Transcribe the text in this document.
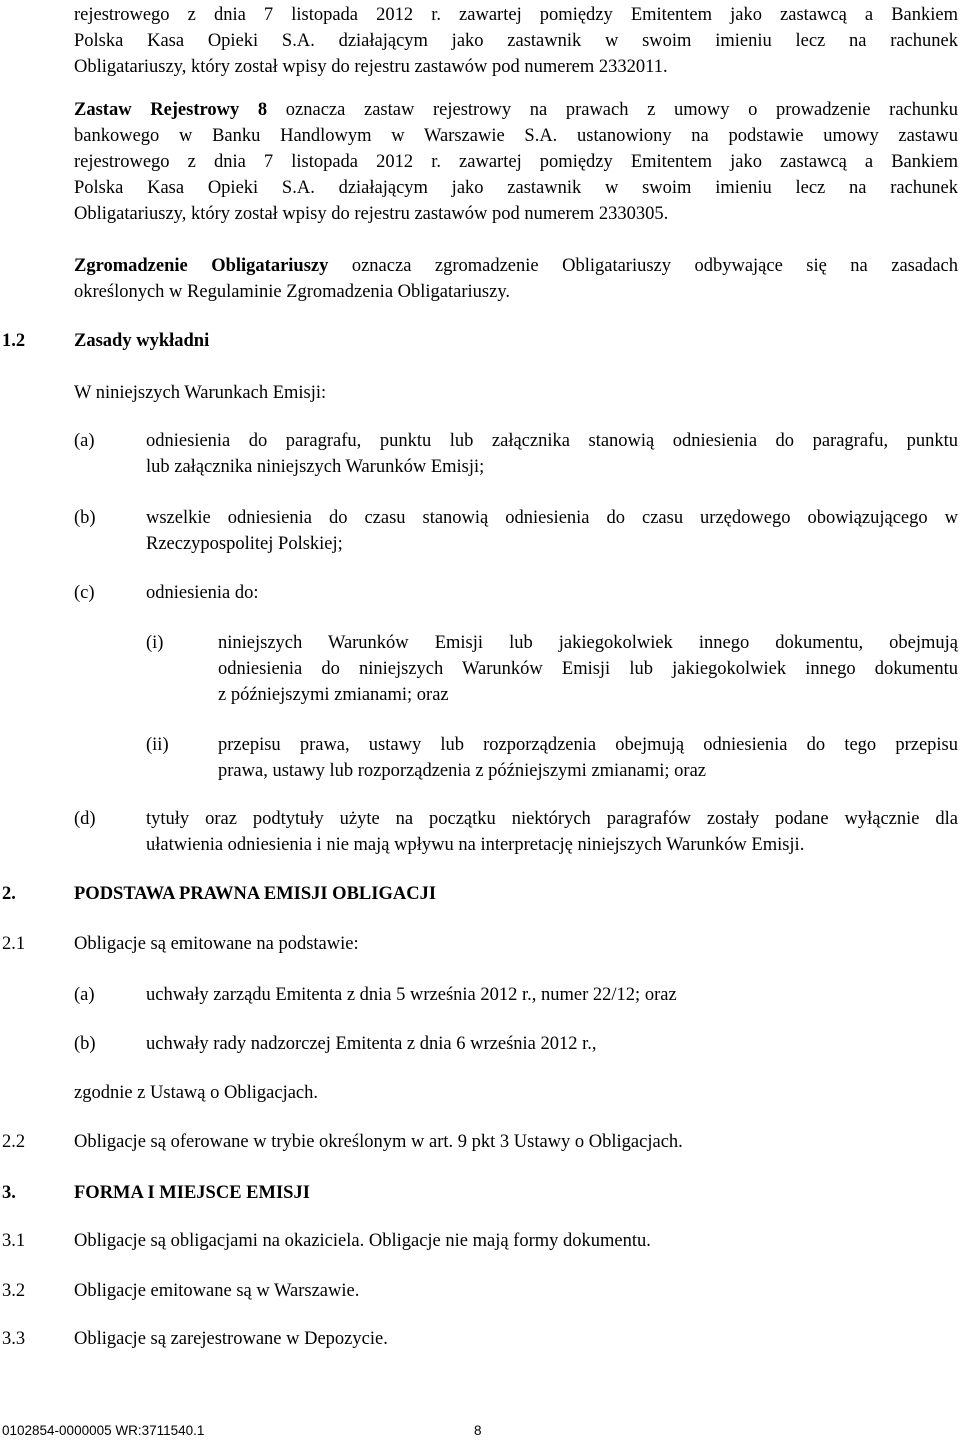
rejestrowego z dnia 7 listopada 2012 r. zawartej pomiędzy Emitentem jako zastawcą a Bankiem

Polska Kasa Opieki S.A. działającym jako zastawnik w swoim imieniu lecz na rachunek

Obligatariuszy, który został wpisy do rejestru zastawów pod numerem 2332011.

Zastaw Rejestrowy 8 oznacza zastaw rejestrowy na prawach z umowy o prowadzenie rachunku

bankowego w Banku Handlowym w Warszawie S.A. ustanowiony na podstawie umowy zastawu

rejestrowego z dnia 7 listopada 2012 r. zawartej pomiędzy Emitentem jako zastawcą a Bankiem

Polska Kasa Opieki S.A. działającym jako zastawnik w swoim imieniu lecz na rachunek

Obligatariuszy, który został wpisy do rejestru zastawów pod numerem 2330305.

Zgromadzenie Obligatariuszy oznacza zgromadzenie Obligatariuszy odbywające się na zasadach

określonych w Regulaminie Zgromadzenia Obligatariuszy.

1.2	Zasady wykładni
W niniejszych Warunkach Emisji:
(a)	odniesienia do paragrafu, punktu lub załącznika stanowią odniesienia do paragrafu, punktu

lub załącznika niniejszych Warunków Emisji;

(b)	wszelkie odniesienia do czasu stanowią odniesienia do czasu urzędowego obowiązującego w

Rzeczypospolitej Polskiej;

(c)	odniesienia do:
(i)	niniejszych Warunków Emisji lub jakiegokolwiek innego dokumentu, obejmują

odniesienia do niniejszych Warunków Emisji lub jakiegokolwiek innego dokumentu

z późniejszymi zmianami; oraz

(ii)	przepisu prawa, ustawy lub rozporządzenia obejmują odniesienia do tego przepisu

prawa, ustawy lub rozporządzenia z późniejszymi zmianami; oraz

(d)	tytuły oraz podtytuły użyte na początku niektórych paragrafów zostały podane wyłącznie dla

ułatwienia odniesienia i nie mają wpływu na interpretację niniejszych Warunków Emisji.

2.	PODSTAWA PRAWNA EMISJI OBLIGACJI
2.1	Obligacje są emitowane na podstawie:
(a)	uchwały zarządu Emitenta z dnia 5 września 2012 r., numer 22/12; oraz
(b)	uchwały rady nadzorczej Emitenta z dnia 6 września 2012 r.,
zgodnie z Ustawą o Obligacjach.
2.2	Obligacje są oferowane w trybie określonym w art. 9 pkt 3 Ustawy o Obligacjach.
3.	FORMA I MIEJSCE EMISJI
3.1	Obligacje są obligacjami na okaziciela. Obligacje nie mają formy dokumentu.
3.2	Obligacje emitowane są w Warszawie.
3.3	Obligacje są zarejestrowane w Depozycie.
0102854-0000005 WR:3711540.1	8
